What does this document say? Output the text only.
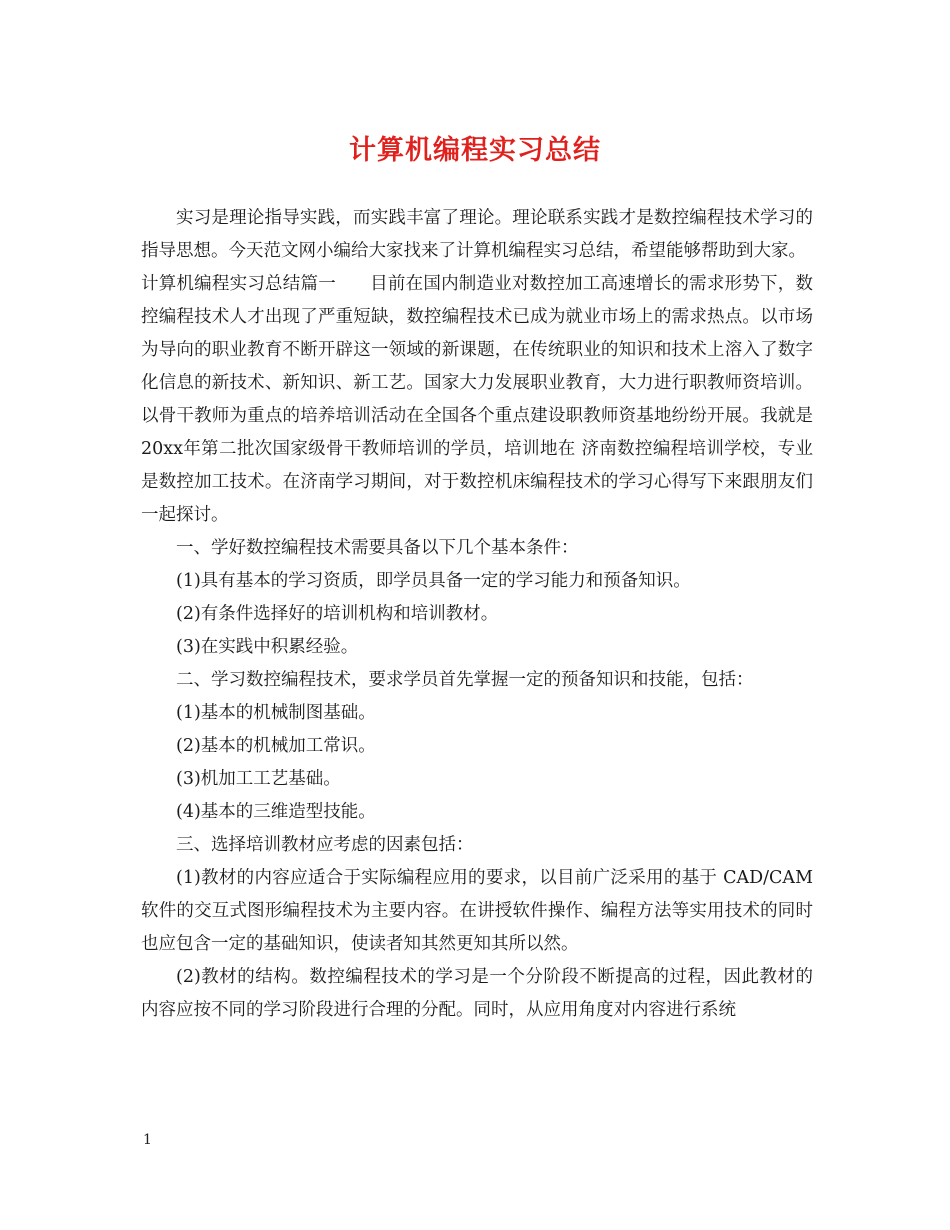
计算机编程实习总结

实习是理论指导实践，而实践丰富了理论。理论联系实践才是数控编程技术学习的指导思想。今天范文网小编给大家找来了计算机编程实习总结，希望能够帮助到大家。

计算机编程实习总结篇一 目前在国内制造业对数控加工高速增长的需求形势下，数控编程技术人才出现了严重短缺，数控编程技术已成为就业市场上的需求热点。以市场为导向的职业教育不断开辟这一领域的新课题，在传统职业的知识和技术上溶入了数字化信息的新技术、新知识、新工艺。国家大力发展职业教育，大力进行职教师资培训。以骨干教师为重点的培养培训活动在全国各个重点建设职教师资基地纷纷开展。我就是20xx年第二批次国家级骨干教师培训的学员，培训地在 济南数控编程培训学校，专业是数控加工技术。在济南学习期间，对于数控机床编程技术的学习心得写下来跟朋友们一起探讨。

一、学好数控编程技术需要具备以下几个基本条件：

(1)具有基本的学习资质，即学员具备一定的学习能力和预备知识。

(2)有条件选择好的培训机构和培训教材。

(3)在实践中积累经验。

二、学习数控编程技术，要求学员首先掌握一定的预备知识和技能，包括：

(1)基本的机械制图基础。

(2)基本的机械加工常识。

(3)机加工工艺基础。

(4)基本的三维造型技能。

三、选择培训教材应考虑的因素包括：

(1)教材的内容应适合于实际编程应用的要求，以目前广泛采用的基于 CAD/CAM软件的交互式图形编程技术为主要内容。在讲授软件操作、编程方法等实用技术的同时也应包含一定的基础知识，使读者知其然更知其所以然。

(2)教材的结构。数控编程技术的学习是一个分阶段不断提高的过程，因此教材的内容应按不同的学习阶段进行合理的分配。同时，从应用角度对内容进行系统

1
